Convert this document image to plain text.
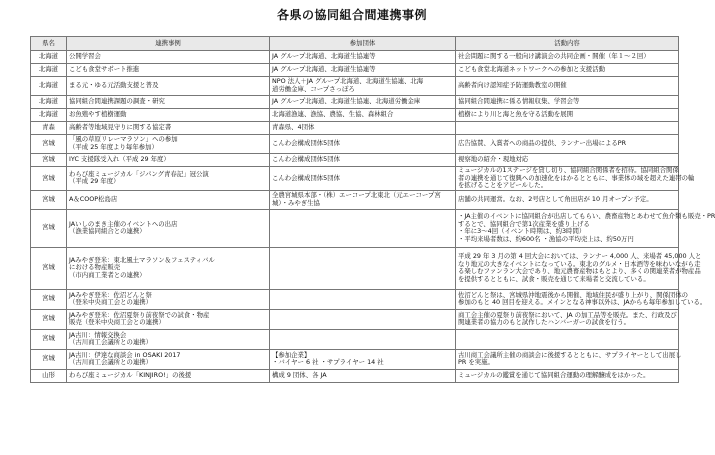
各県の協同組合間連携事例
県名	連携事例	参加団体	活動内容
北海道	公開学習会	JA グループ北海道、北海道生協連等	社会問題に関する一般向け講演会の共同企画・開催（年１～２回）

北海道	こども食堂サポート推進	JA グループ北海道、北海道生協連等	こども食堂北海道ネットワークへの参加と支援活動

北海道	まる元・ゆる元活動支援と普及	NPO 法人＋JA グループ北海道、北海道生協連、北海
道労働金庫、コープさっぽろ	高齢者向け認知症予防運動教室の開催

北海道	協同組合間連携課題の調査・研究	JA グループ北海道、北海道生協連、北海道労働金庫	協同組合間連携に係る情報収集、学習会等

北海道	お魚殖やす植樹運動	北海道漁連、漁協、農協、生協、森林組合	植樹により川と海と魚を守る活動を展開

青森	高齢者等地域見守りに関する協定書	青森県、4団体	

宮城	「風の草原リレーマラソン」への参加
（平成 25 年度より毎年参加）	こんわ会構成団体5団体	広告協賛、入賞者への商品の提供、ランナー出場によるPR

宮城	IYC 支援隊受入れ（平成 29 年度）	こんわ会構成団体5団体	視察地の紹介・現地対応

宮城	わらび座ミュージカル「ジパング青春記」冠公演
（平成 29 年度）	こんわ会構成団体5団体	ミュージカルの1ステージを貸し切り、協同組合関係者を招待。協同組合関係
者の連携を通じて復興への加速化をはかるとともに、事業体の域を超えた連帯の輪
を拡げることをアピールした。

宮城	A＆COOP松島店	全農宮城県本部・（株）エーコープ北東北（元エーコープ宮
城）・みやぎ生協	店舗の共同運営。なお、2号店として角田店が 10 月オープン予定。

宮城	JAいしのまき主催のイベントへの出店
（漁業協同組合との連携）		・JA主催のイベントに協同組合が出店してもらい、農畜産物とあわせて魚介類も販売・PR
するとで、協同組合で第1次産業を盛り上げる
・年に3～4回（イベント時期は、約3時間）
・平均来場者数は、約600名 ・漁協の平均売上は、約50万円

宮城	JAみやぎ登米：東北風土マラソン＆フェスティバル
における物産販売
（市内商工業者との連携）		平成 29 年 3 月の第 4 回大会においては、ランナー 4,000 人、来場者 45,000 人と
なり地元の大きなイベントになっている。東北のグルメ・日本酒等を味わいながら走
る楽しむファンラン大会であり、地元農畜産物はもとより、多くの関連業者が物産品
を提供するとともに、試食・販売を通じて来場者と交流している。

宮城	JAみやぎ登米：佐沼どんと祭
（登米中央商工会との連携）		佐沼どんと祭は、宮城県沖地震後から開催、地域住民が盛り上がり、関係団体の
参加のもと 40 回目を迎える。メインとなる神事以外は、JAからも毎年参加している。

宮城	JAみやぎ登米：佐沼夏祭り前夜祭での試食・物産
販売（登米中央商工会との連携）		商工会主催の夏祭り前夜祭において、JA の加工品等を販売。また、行政及び
関連業者の協力のもと試作したハンバーガーの試食を行う。

宮城	JA古川：情報交換会
（古川商工会議所との連携）		

宮城	JA古川：伊達な商談会 in OSAKI 2017
（古川商工会議所との連携）	【参加企業】
・バイヤー 6 社 ・サプライヤー 14 社	古川商工会議所主催の商談会に後援するとともに、サプライヤーとして出展し
PR を実施。

山形	わらび座ミュージカル「KINJIRO!」の後援	構成 9 団体、各 JA	ミュージカルの鑑賞を通じて協同組合運動の理解醸成をはかった。
